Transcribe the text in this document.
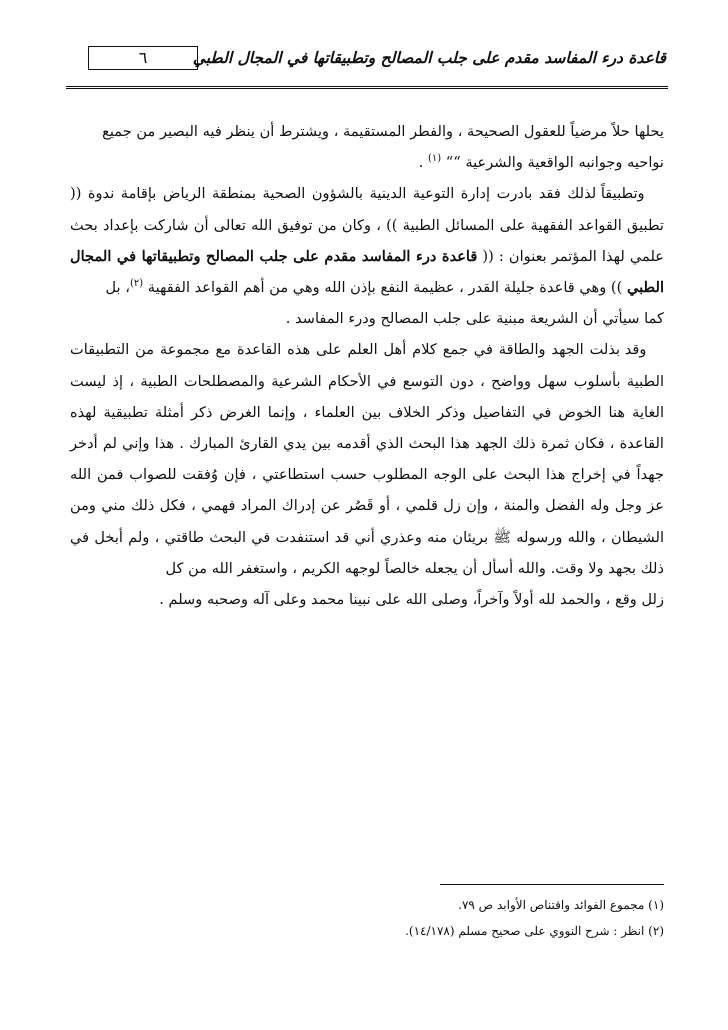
٦	قاعدة درء المفاسد مقدم على جلب المصالح وتطبيقاتها في المجال الطبي

يحلها حلاً مرضياً للعقول الصحيحة ، والفطر المستقيمة ، ويشترط أن ينظر فيه البصير من جميع

نواحيه وجوانبه الواقعية والشرعية ““ $^{(١)}$ .

وتطبيقاً لذلك فقد بادرت إدارة التوعية الدينية بالشؤون الصحية بمنطقة الرياض بإقامة ندوة (( تطبيق القواعد الفقهية على المسائل الطبية )) ، وكان من توفيق الله تعالى أن شاركت بإعداد بحث علمي لهذا المؤتمر بعنوان : (( قاعدة درء المفاسد مقدم على جلب المصالح وتطبيقاتها في المجال الطبي )) وهي قاعدة جليلة القدر ، عظيمة النفع بإذن الله وهي من أهم القواعد الفقهية $^{(٢)}$، بل

كما سيأتي أن الشريعة مبنية على جلب المصالح ودرء المفاسد .

وقد بذلت الجهد والطاقة في جمع كلام أهل العلم على هذه القاعدة مع مجموعة من التطبيقات الطبية بأسلوب سهل وواضح ، دون التوسع في الأحكام الشرعية والمصطلحات الطبية ، إذ ليست الغاية هنا الخوض في التفاصيل وذكر الخلاف بين العلماء ، وإنما الغرض ذكر أمثلة تطبيقية لهذه القاعدة ، فكان ثمرة ذلك الجهد هذا البحث الذي أقدمه بين يدي القارئ المبارك . هذا وإني لم أدخر جهداً في إخراج هذا البحث على الوجه المطلوب حسب استطاعتي ، فإن وُفقت للصواب فمن الله عز وجل وله الفضل والمنة ، وإن زل قلمي ، أو قَصُر عن إدراك المراد فهمي ، فكل ذلك مني ومن الشيطان ، والله ورسوله ﷺ بريئان منه وعذري أني قد استنفدت في البحث طاقتي ، ولم أبخل في ذلك بجهد ولا وقت. والله أسأل أن يجعله خالصاً لوجهه الكريم ، واستغفر الله من كل

زلل وقع ، والحمد لله أولاً وآخراً، وصلى الله على نبينا محمد وعلى آله وصحبه وسلم .

(١) مجموع الفوائد واقتناص الأوابد ص ٧٩.

(٢) انظر : شرح النووي على صحيح مسلم (١٤/١٧٨).
